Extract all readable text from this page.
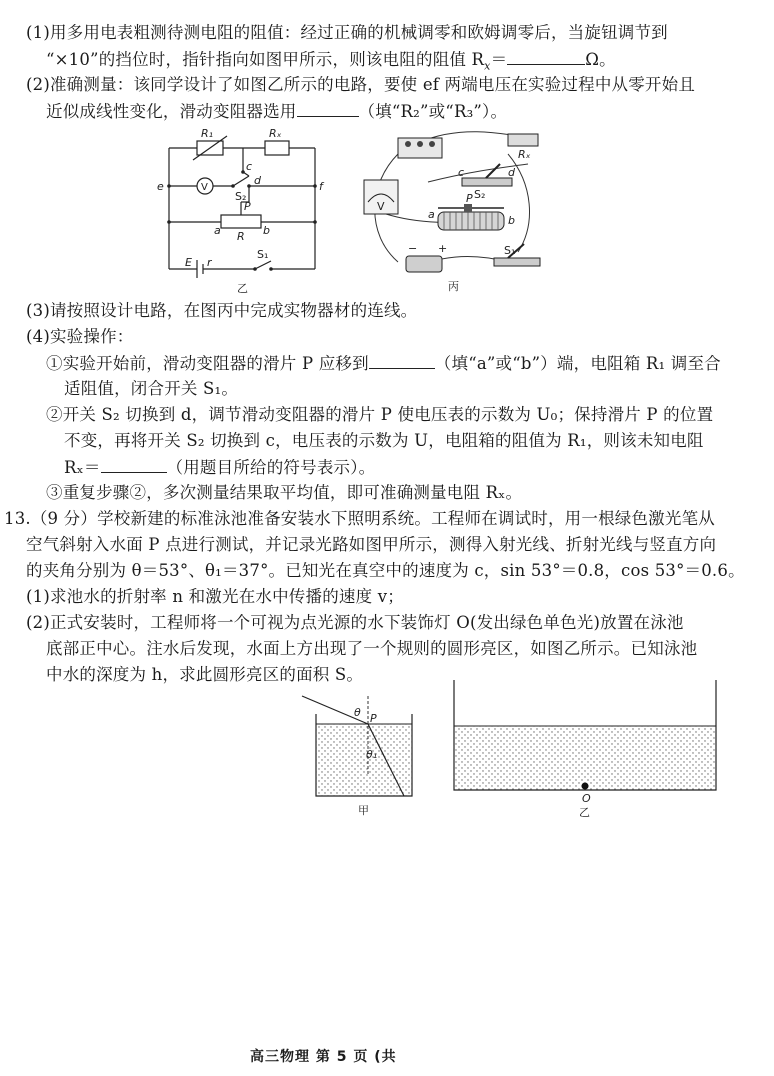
(1)用多用电表粗测待测电阻的阻值：经过正确的机械调零和欧姆调零后，当旋钮调节到
“×10”的挡位时，指针指向如图甲所示，则该电阻的阻值 $R_x=$	Ω。
(2)准确测量：该同学设计了如图乙所示的电路，要使 ef 两端电压在实验过程中从零开始且
近似成线性变化，滑动变阻器选用	（填“R₂”或“R₃”）。
R₁	Rₓ
c
d
e	f
V
S₂
P
a	b
R
E r
S₁
乙
Rₓ
c	d
S₂
V
a	b
P
− +	S₁
丙
(3)请按照设计电路，在图丙中完成实物器材的连线。
(4)实验操作：
①实验开始前，滑动变阻器的滑片 P 应移到	（填“a”或“b”）端，电阻箱 R₁ 调至合
适阻值，闭合开关 S₁。
②开关 S₂ 切换到 d，调节滑动变阻器的滑片 P 使电压表的示数为 U₀；保持滑片 P 的位置
不变，再将开关 S₂ 切换到 c，电压表的示数为 U，电阻箱的阻值为 R₁，则该未知电阻
Rₓ＝	（用题目所给的符号表示）。
③重复步骤②，多次测量结果取平均值，即可准确测量电阻 Rₓ。
13.（9 分）学校新建的标准泳池准备安装水下照明系统。工程师在调试时，用一根绿色激光笔从
空气斜射入水面 P 点进行测试，并记录光路如图甲所示，测得入射光线、折射光线与竖直方向
的夹角分别为 θ＝53°、θ₁＝37°。已知光在真空中的速度为 c，sin 53°＝0.8，cos 53°＝0.6。
(1)求池水的折射率 n 和激光在水中传播的速度 v；
(2)正式安装时，工程师将一个可视为点光源的水下装饰灯 O(发出绿色单色光)放置在泳池
底部正中心。注水后发现，水面上方出现了一个规则的圆形亮区，如图乙所示。已知泳池
中水的深度为 h，求此圆形亮区的面积 S。
θ P
θ₁
甲
O
乙
高三物理 第 5 页 (共
